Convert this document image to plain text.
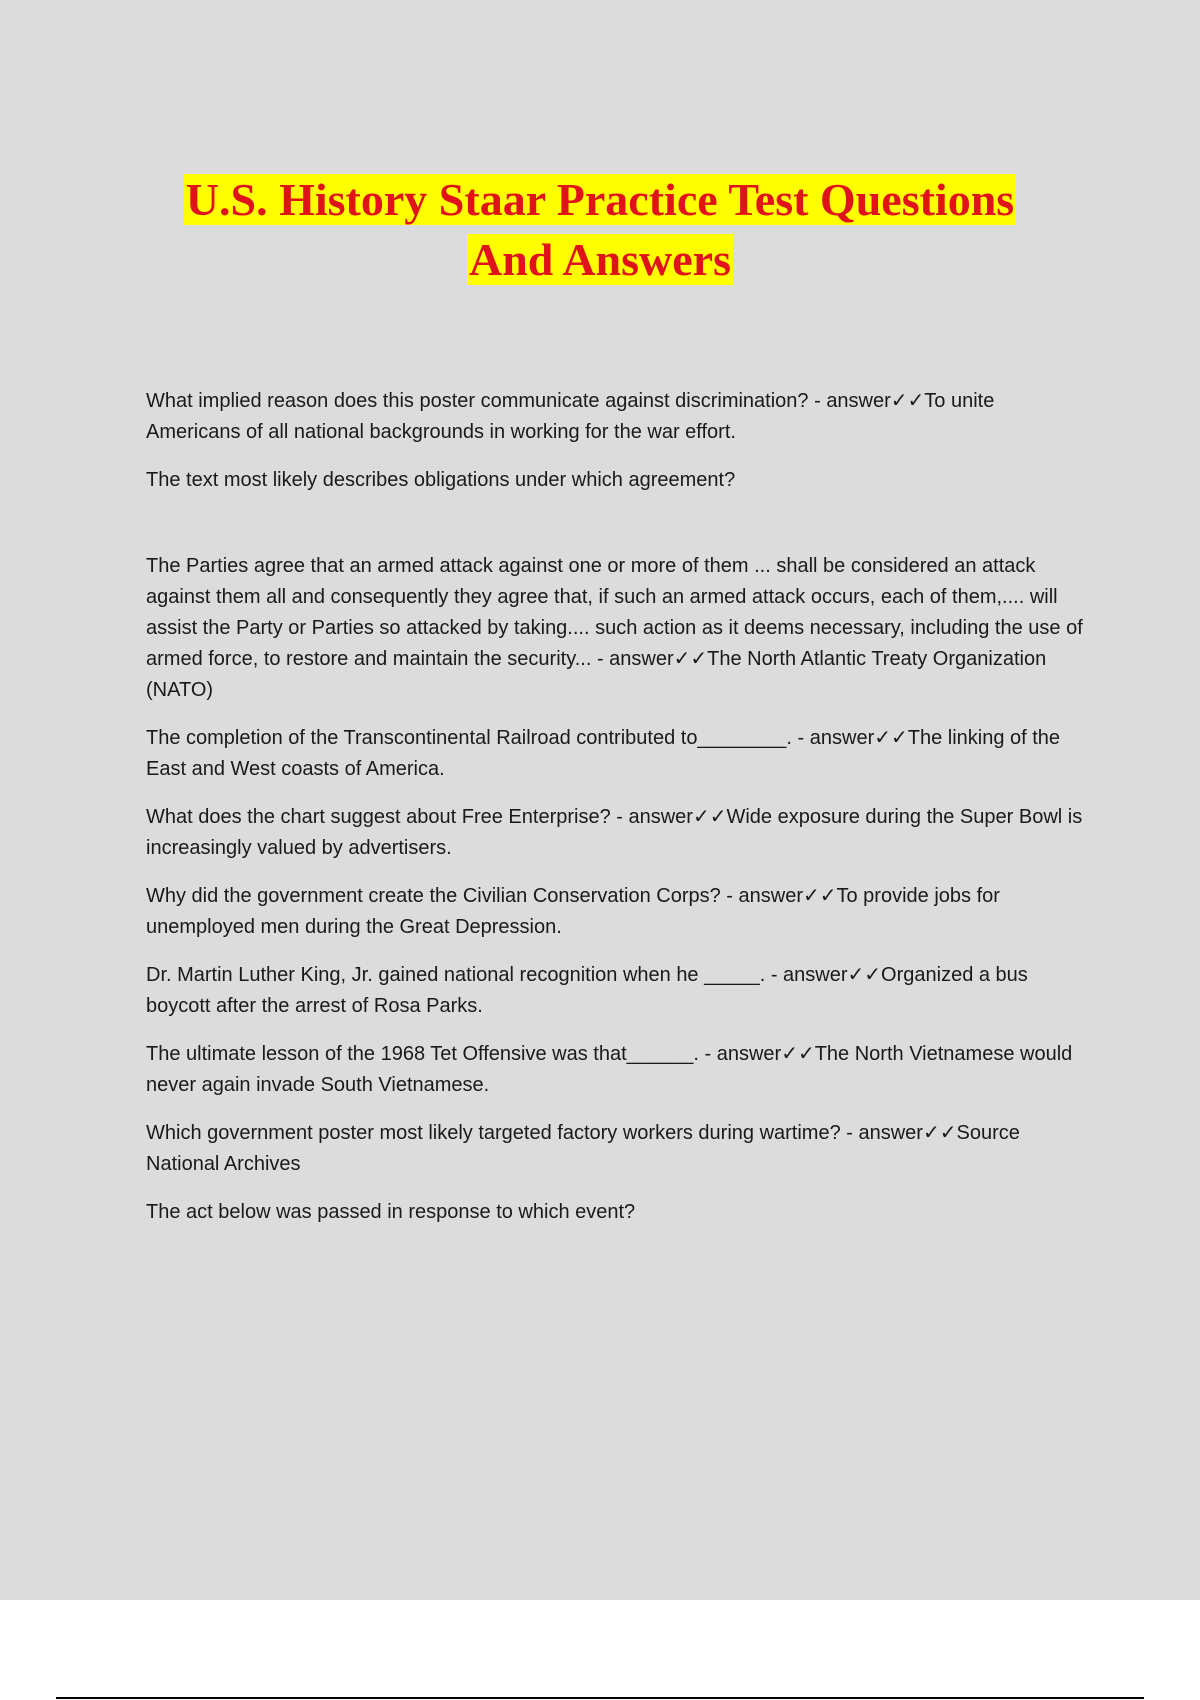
U.S. History Staar Practice Test Questions
And Answers

What implied reason does this poster communicate against discrimination? - answer✓✓To unite Americans of all national backgrounds in working for the war effort.

The text most likely describes obligations under which agreement?

The Parties agree that an armed attack against one or more of them ... shall be considered an attack against them all and consequently they agree that, if such an armed attack occurs, each of them,.... will assist the Party or Parties so attacked by taking.... such action as it deems necessary, including the use of armed force, to restore and maintain the security... - answer✓✓The North Atlantic Treaty Organization (NATO)

The completion of the Transcontinental Railroad contributed to________. - answer✓✓The linking of the East and West coasts of America.

What does the chart suggest about Free Enterprise? - answer✓✓Wide exposure during the Super Bowl is increasingly valued by advertisers.

Why did the government create the Civilian Conservation Corps? - answer✓✓To provide jobs for unemployed men during the Great Depression.

Dr. Martin Luther King, Jr. gained national recognition when he _____. - answer✓✓Organized a bus boycott after the arrest of Rosa Parks.

The ultimate lesson of the 1968 Tet Offensive was that______. - answer✓✓The North Vietnamese would never again invade South Vietnamese.

Which government poster most likely targeted factory workers during wartime? - answer✓✓Source National Archives

The act below was passed in response to which event?
